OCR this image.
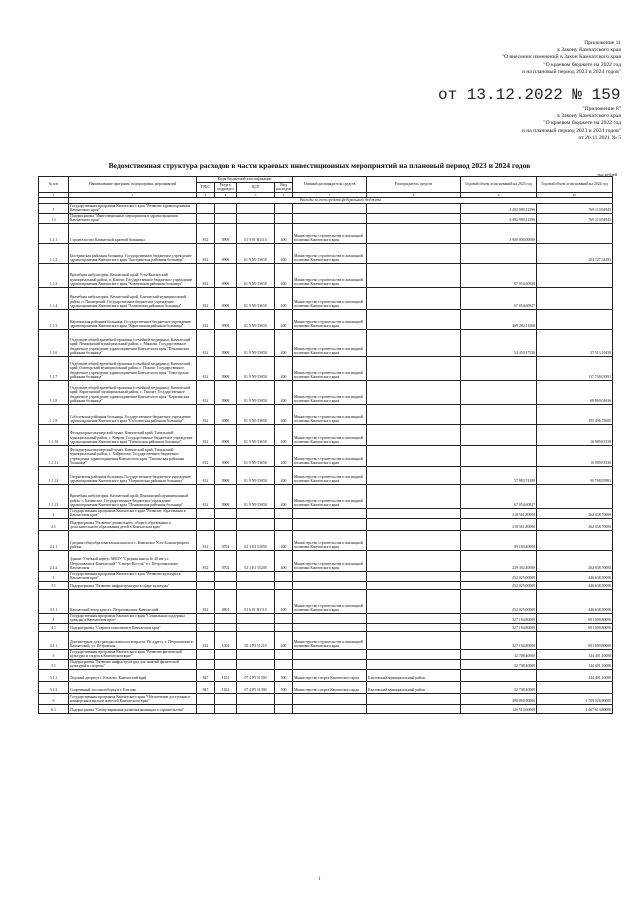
Приложение 11
к Закону Камчатского края
"О внесении изменений в Закон Камчатского края
"О краевом бюджете на 2022 год
и на плановый период 2023 и 2024 годов"
от 13.12.2022 № 159
"Приложение 8"
к Закону Камчатского края
"О краевом бюджете на 2022 год
и на плановый период 2023 и 2024 годов"
от 26.11.2021 № 5
Ведомственная структура расходов в части краевых инвестиционных мероприятий на плановый период 2023 и 2024 годов
тыс.рублей
№ п/п	Наименование программ, подпрограмм, мероприятий	Коды бюджетной классификации				Главный распорядитель средств	Распорядитель средств	Годовой объем ассигнований на 2023 год	Годовой объем ассигнований на 2024 год
		ГРБС	Раздел, подраздел	ЦСР	Вид расходов				
1	2	3	4	5	6	7	8	9	10
	Расходы за счет средств федерального бюджета								
1	Государственная программа Камчатского края "Развитие здравоохранения Камчатского края"							4 492 980,12596	769 110,94945
1.1	Подпрограмма "Инвестиционные мероприятия в здравоохранении Камчатского края"							4 492 980,12596	769 110,94945
1.1.1	Строительство Камчатской краевой больницы	812	0909	01 9 01 R1110	400	Министерство строительства и жилищной политики Камчатского края		3 900 000,00000	
1.1.2	Быстринская районная больница. Государственное бюджетное учреждение здравоохранения Камчатского края "Быстринская районная больница"	812	0909	01 9 N9 53650	400	Министерство строительства и жилищной политики Камчатского края			204 727,34183
1.1.3	Врачебная амбулатория, Камчатский край, Усть-Камчатский муниципальный район, п. Ключи. Государственное бюджетное учреждение здравоохранения Камчатского края "Ключевская районная больница"	812	0909	01 9 N9 53650	400	Министерство строительства и жилищной политики Камчатского края		67 054,60928	
1.1.4	Врачебная амбулатория, Камчатский край, Елизовский муниципальный район, п. Пионерский. Государственное бюджетное учреждение здравоохранения Камчатского края "Елизовская районная больница"	812	0909	01 9 N9 53650	400	Министерство строительства и жилищной политики Камчатского края		67 054,60927	
1.1.5	Карагинская районная больница. Государственное бюджетное учреждение здравоохранения Камчатского края "Карагинская районная больница"	812	0909	01 9 N9 53650	400	Министерство строительства и жилищной политики Камчатского края		269 282,11000	
1.1.6	Отделение общей врачебной практики (семейной медицины). Камчатский край, Пенжинский муниципальный район, с. Манилы. Государственное бюджетное учреждение здравоохранения Камчатского края "Пенжинская районная больница"	812	0909	01 9 N9 53650	400	Министерство строительства и жилищной политики Камчатского края		54 450,17526	37 513,19458
1.1.7	Отделение общей врачебной практики (семейной медицины). Камчатский край, Олюторский муниципальный район, с. Пахачи. Государственное бюджетное учреждение здравоохранения Камчатского края "Олюторская районная больница"	812	0909	01 9 N9 53650	400	Министерство строительства и жилищной политики Камчатского края			117 738,03391
1.1.8	Отделение общей врачебной практики (семейной медицины). Камчатский край, Карагинский муниципальный район, с. Тымлат. Государственное бюджетное учреждение здравоохранения Камчатского края "Карагинская районная больница"	812	0909	01 9 N9 53650	400	Министерство строительства и жилищной политики Камчатского края			68 869,04636
1.1.9	Соболевская районная больница. Государственное бюджетное учреждение здравоохранения Камчатского края "Соболевская районная больница"	812	0909	01 9 N9 53650	400	Министерство строительства и жилищной политики Камчатского края			195 496,73600
1.1.10	Фельдшерско-акушерский пункт. Камчатский край, Тигильский муниципальный район, с. Ковран. Государственное бюджетное учреждение здравоохранения Камчатского края "Тигильская районная больница"	812	0909	01 9 N9 53650	400	Министерство строительства и жилищной политики Камчатского края			16 989,81338
1.1.11	Фельдшерско-акушерский пункт. Камчатский край, Тигильский муниципальный район, с. Хайрюзово. Государственное бюджетное учреждение здравоохранения Камчатского края "Тигильская районная больница"	812	0909	01 9 N9 53650	400	Министерство строительства и жилищной политики Камчатского края			16 989,81338
1.1.12	Озерновская районная больница. Государственное бюджетное учреждение здравоохранения Камчатского края "Озерновская районная больница"	812	0909	01 9 N9 53650	400	Министерство строительства и жилищной политики Камчатского края		57 983,74188	90 768,95981
1.1.13	Врачебная амбулатория. Камчатский край, Пенжинский муниципальный район, с. Каменское. Государственное бюджетное учреждение здравоохранения Камчатского края "Пенжинская районная больница"	812	0909	01 9 N9 53650	400	Министерство строительства и жилищной политики Камчатского края		67 054,60927	
2	Государственная программа Камчатского края "Развитие образования в Камчатском крае"							318 561,80000	262 038,70000
2.1	Подпрограмма "Развитие дошкольного, общего образования и дополнительного образования детей в Камчатском крае"							318 561,80000	262 038,70000
2.1.1	Средняя общеобразовательная школа в с. Каменское Усть-Большерецкого района	812	0702	02 1 E1 53050	400	Министерство строительства и жилищной политики Камчатского края		89 169,40000	
2.1.2	Здание: Учебный корпус МБОУ "Средняя школа № 40 им у.т. Петропавловск-Камчатский" "Северо-Восток" в г. Петропавловске-Камчатском	812	0702	02 1 E1 55200	400	Министерство строительства и жилищной политики Камчатского края		229 392,40000	262 038,70000
3	Государственная программа Камчатского края "Развитие культуры в Камчатском крае"							452 025,00000	446 638,50000
3.1	Подпрограмма "Развитие инфраструктуры в сфере культуры"							452 025,00000	446 638,50000
3.1.1	Камчатский театр кукол г. Петропавловск-Камчатский	812	0801	03 6 01 R1110	400	Министерство строительства и жилищной политики Камчатского края		452 025,00000	446 638,50000
4	Государственная программа Камчатского края "Социальная поддержка граждан в Камчатском крае"							327 194,80000	691 909,80000
4.1	Подпрограмма "Старшее поколение в Камчатском крае"							327 194,80000	691 909,80000
4.1.1	Дом-интернат для граждан пожилого возраста. По адресу: г. Петропавловск-Камчатский, ул. Петровская	812	1002	05 1 P3 51210	400	Министерство строительства и жилищной политики Камчатского края		327 194,80000	691 909,80000
5	Государственная программа Камчатского края "Развитие физической культуры и спорта в Камчатском крае"							32 708,40000	144 401,10000
5.1	Подпрограмма "Развитие инфраструктуры для занятий физической культурой и спортом"							32 708,40000	144 401,10000
5.1.1	Ледовый дворец в г. Елизово, Камчатский край	847	1102	07 4 P5 51390	500	Министерство спорта Камчатского края	Елизовский муниципальный район		144 401,10000
5.1.2	Спортивный зал многоборья в г. Елизово	847	1102	07 4 P5 51390	500	Министерство спорта Камчатского края	Елизовский муниципальный район	32 708,40000	
6	Государственная программа Камчатского края "Обеспечение доступным и комфортным жильем жителей Камчатского края"							498 860,90000	1 709 526,90000
6.1	Подпрограмма "Стимулирование развития жилищного строительства"							126 513,60000	1 467 613,80000
1
